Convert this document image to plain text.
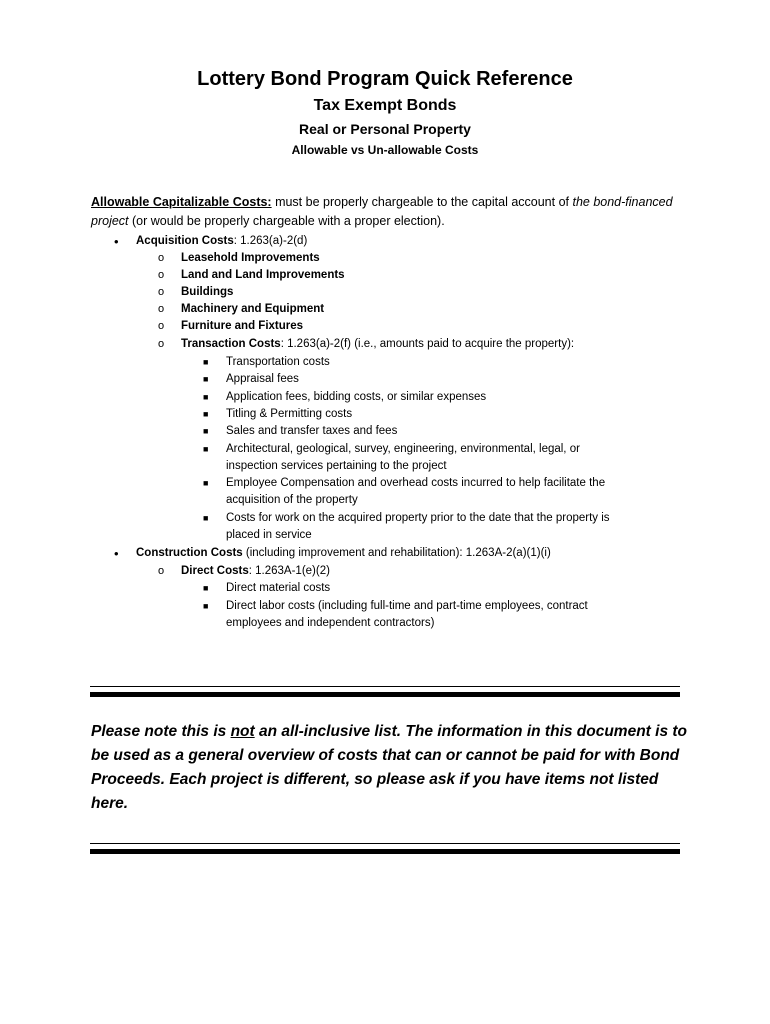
Lottery Bond Program Quick Reference
Tax Exempt Bonds
Real or Personal Property
Allowable vs Un-allowable Costs
Allowable Capitalizable Costs: must be properly chargeable to the capital account of the bond-financed project (or would be properly chargeable with a proper election).
• Acquisition Costs: 1.263(a)-2(d)
o Leasehold Improvements
o Land and Land Improvements
o Buildings
o Machinery and Equipment
o Furniture and Fixtures
o Transaction Costs: 1.263(a)-2(f) (i.e., amounts paid to acquire the property):
■ Transportation costs
■ Appraisal fees
■ Application fees, bidding costs, or similar expenses
■ Titling & Permitting costs
■ Sales and transfer taxes and fees
■ Architectural, geological, survey, engineering, environmental, legal, or
inspection services pertaining to the project
■ Employee Compensation and overhead costs incurred to help facilitate the
acquisition of the property
■ Costs for work on the acquired property prior to the date that the property is
placed in service
• Construction Costs (including improvement and rehabilitation): 1.263A-2(a)(1)(i)
o Direct Costs: 1.263A-1(e)(2)
■ Direct material costs
■ Direct labor costs (including full-time and part-time employees, contract
employees and independent contractors)
Please note this is not an all-inclusive list. The information in this document is to be used as a general overview of costs that can or cannot be paid for with Bond Proceeds. Each project is different, so please ask if you have items not listed here.
